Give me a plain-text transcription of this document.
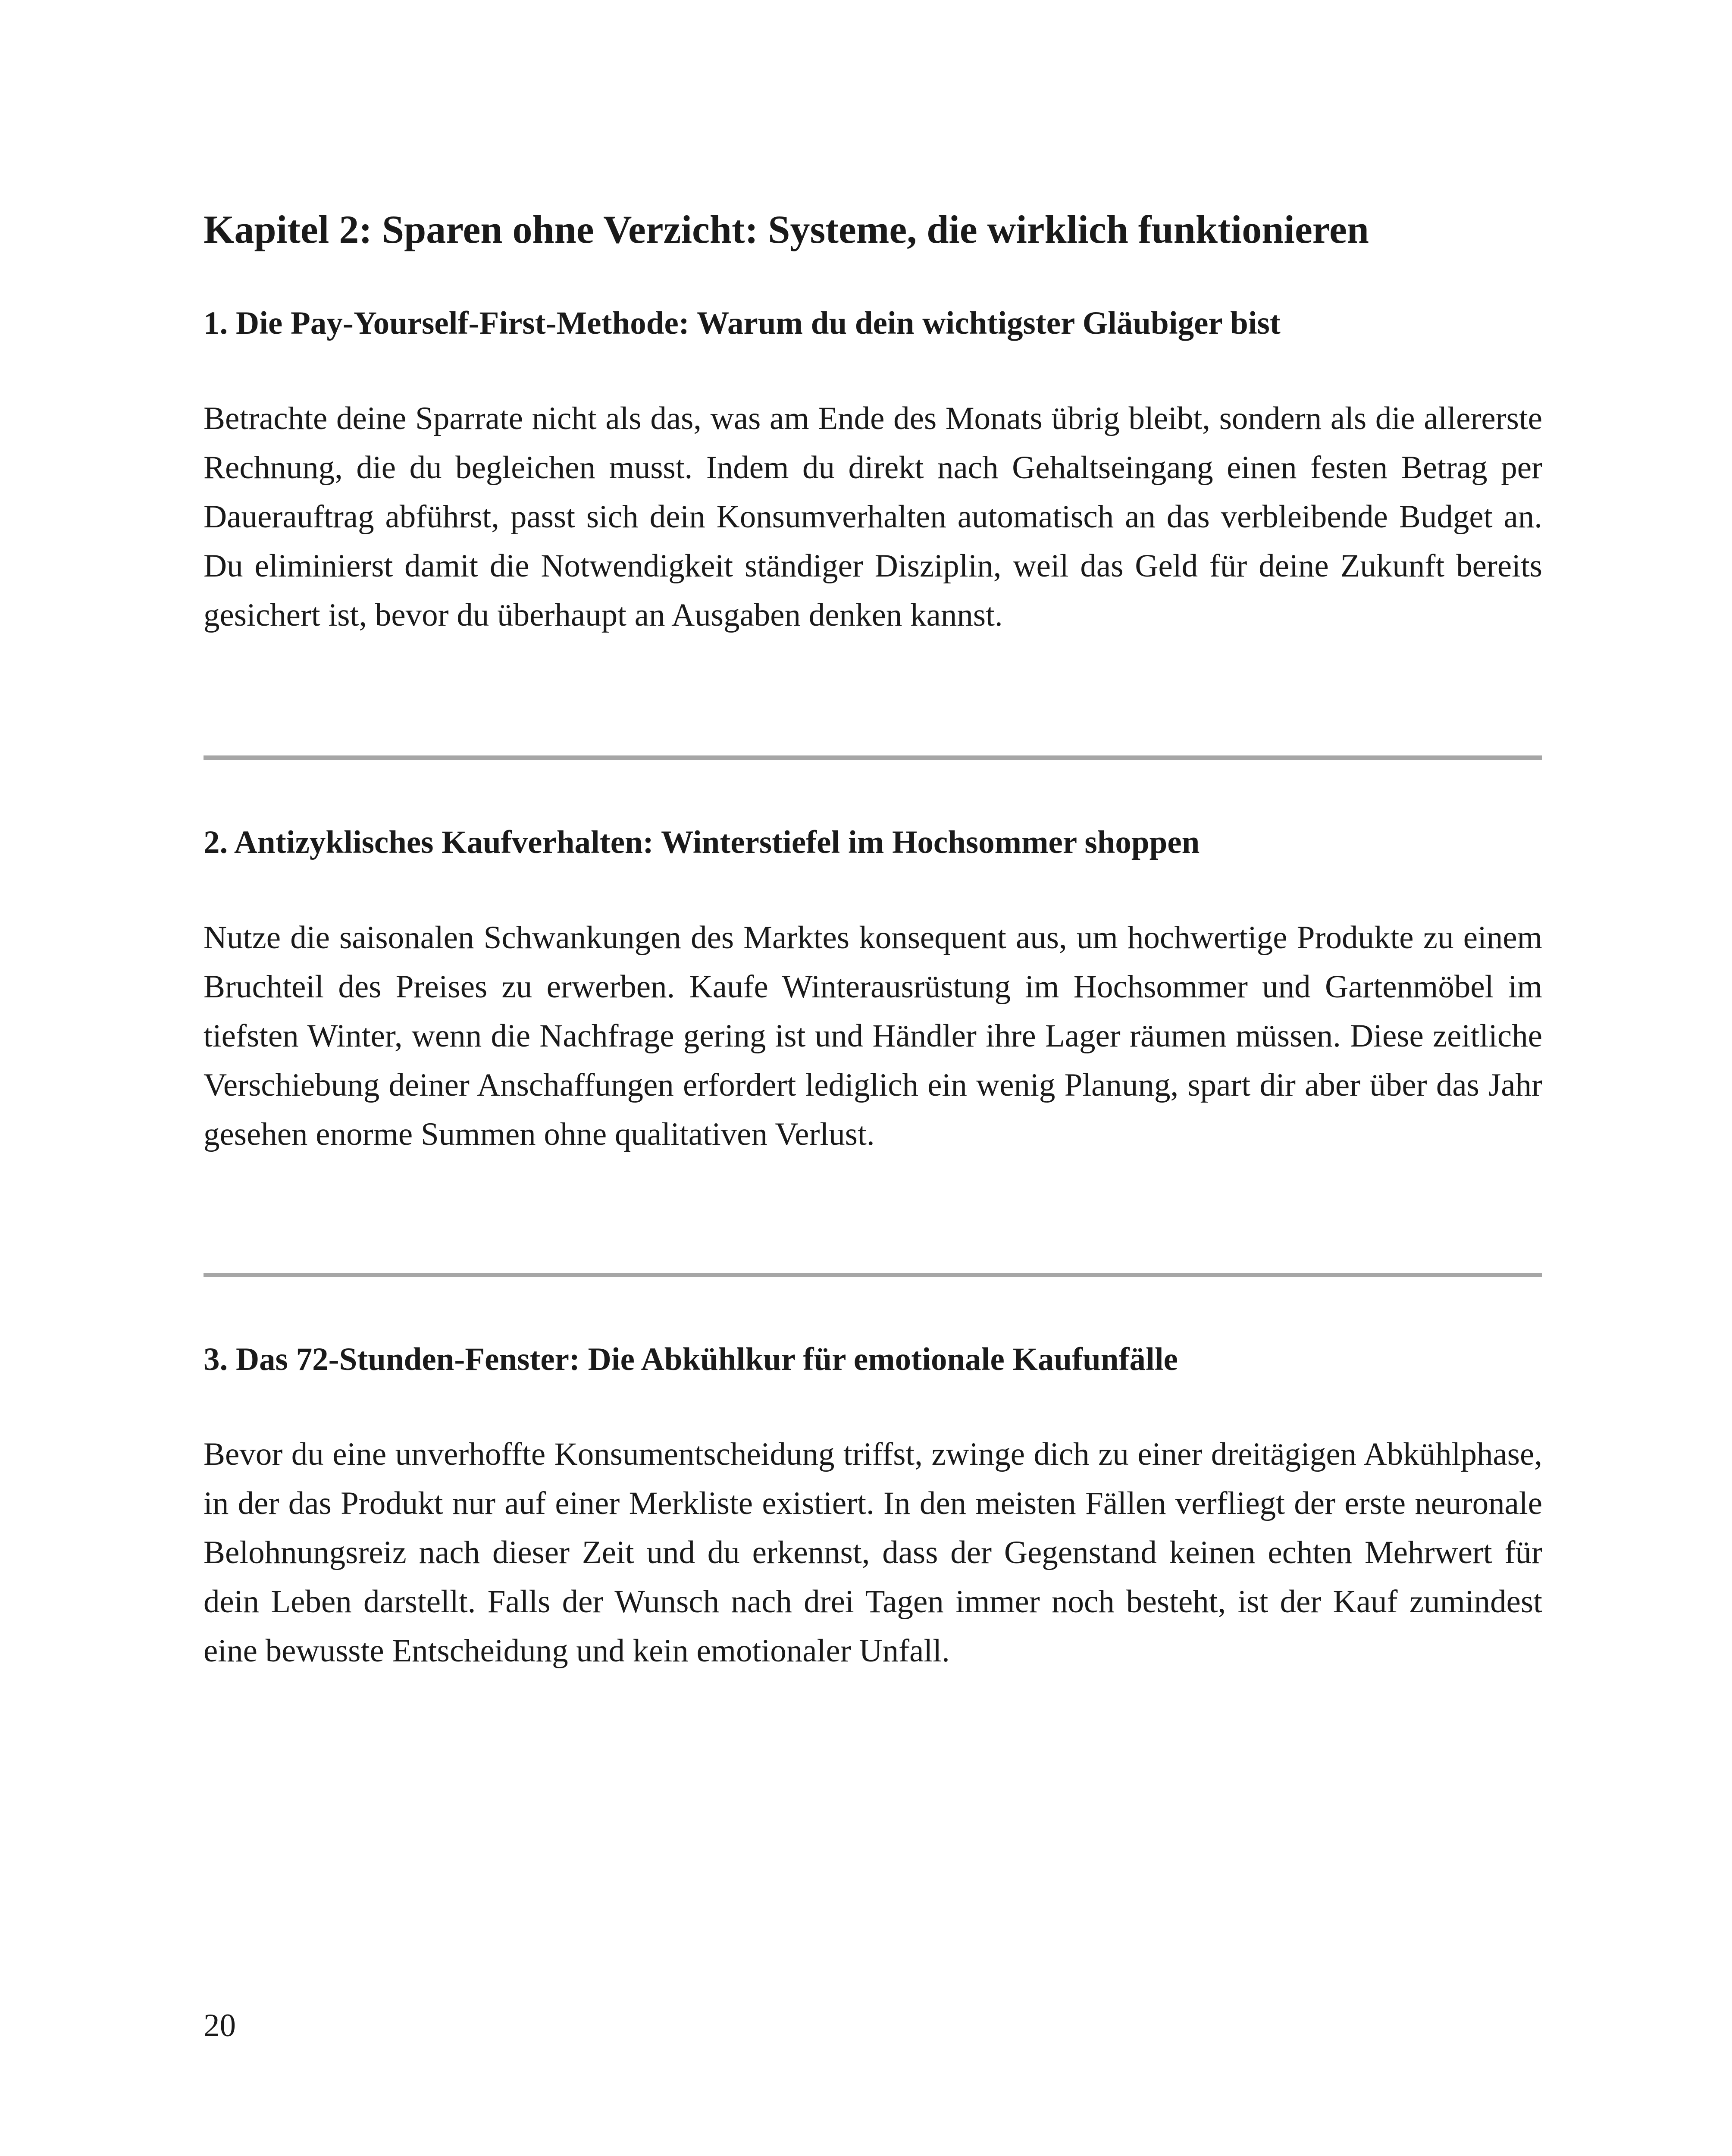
Kapitel 2: Sparen ohne Verzicht: Systeme, die wirklich funktionieren
1. Die Pay-Yourself-First-Methode: Warum du dein wichtigster Gläubiger bist

Betrachte deine Sparrate nicht als das, was am Ende des Monats übrig bleibt, sondern als die allererste Rechnung, die du begleichen musst. Indem du direkt nach Gehaltseingang einen festen Betrag per Dauerauftrag abführst, passt sich dein Konsumverhalten automatisch an das verbleibende Budget an. Du eliminierst damit die Notwendigkeit ständiger Disziplin, weil das Geld für deine Zukunft bereits gesichert ist, bevor du überhaupt an Ausgaben denken kannst.

2. Antizyklisches Kaufverhalten: Winterstiefel im Hochsommer shoppen

Nutze die saisonalen Schwankungen des Marktes konsequent aus, um hochwertige Produkte zu einem Bruchteil des Preises zu erwerben. Kaufe Winterausrüstung im Hochsommer und Gartenmöbel im tiefsten Winter, wenn die Nachfrage gering ist und Händler ihre Lager räumen müssen. Diese zeitliche Verschiebung deiner Anschaffungen erfordert lediglich ein wenig Planung, spart dir aber über das Jahr gesehen enorme Summen ohne qualitativen Verlust.

3. Das 72-Stunden-Fenster: Die Abkühlkur für emotionale Kaufunfälle

Bevor du eine unverhoffte Konsumentscheidung triffst, zwinge dich zu einer dreitägigen Abkühlphase, in der das Produkt nur auf einer Merkliste existiert. In den meisten Fällen verfliegt der erste neuronale Belohnungsreiz nach dieser Zeit und du erkennst, dass der Gegenstand keinen echten Mehrwert für dein Leben darstellt. Falls der Wunsch nach drei Tagen immer noch besteht, ist der Kauf zumindest eine bewusste Entscheidung und kein emotionaler Unfall.

20
